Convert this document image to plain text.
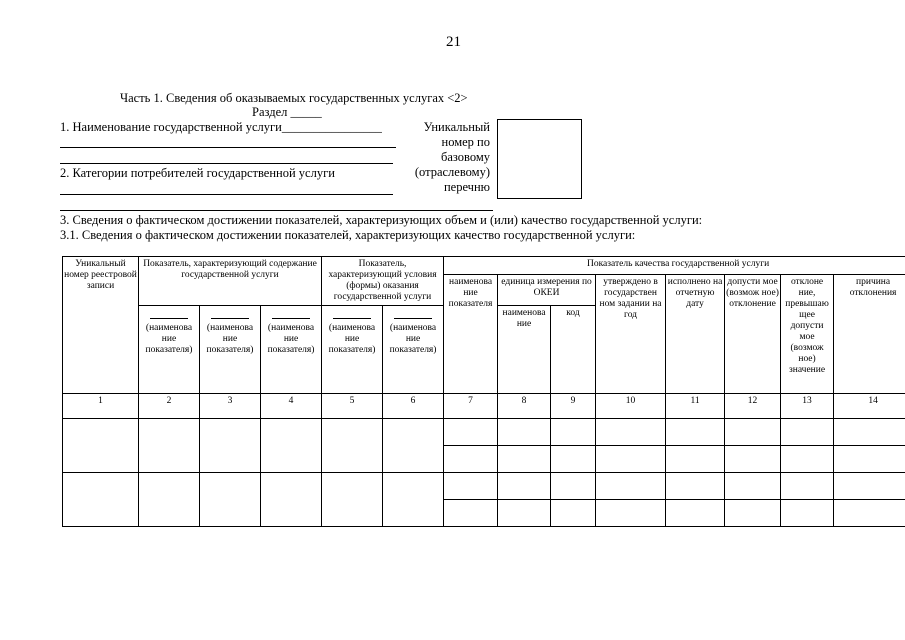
21
Часть 1. Сведения об оказываемых государственных услугах <2>
Раздел _____
1. Наименование государственной услуги________________
2. Категории потребителей государственной услуги
Уникальный
номер по
базовому
(отраслевому)
перечню
3. Сведения о фактическом достижении показателей, характеризующих объем и (или) качество государственной услуги:
3.1. Сведения о фактическом достижении показателей, характеризующих качество государственной услуги:
Уникальный номер реестровой записи	Показатель, характеризующий содержание государственной услуги			Показатель, характеризующий условия (формы) оказания государственной услуги		Показатель качества государственной услуги							
						наименова ние показателя	единица измерения по ОКЕИ		утверждено в государствен ном задании на год	исполнено на отчетную дату	допусти мое (возмож ное) отклонение	отклоне ние, превышаю щее допусти мое (возмож ное) значение	причина отклонения

(наименова ние показателя)	(наименова ние показателя)	(наименова ние показателя)	(наименова ние показателя)	(наименова ние показателя)		наименова ние	код					
1	2	3	4	5	6	7	8	9	10	11	12	13	14
